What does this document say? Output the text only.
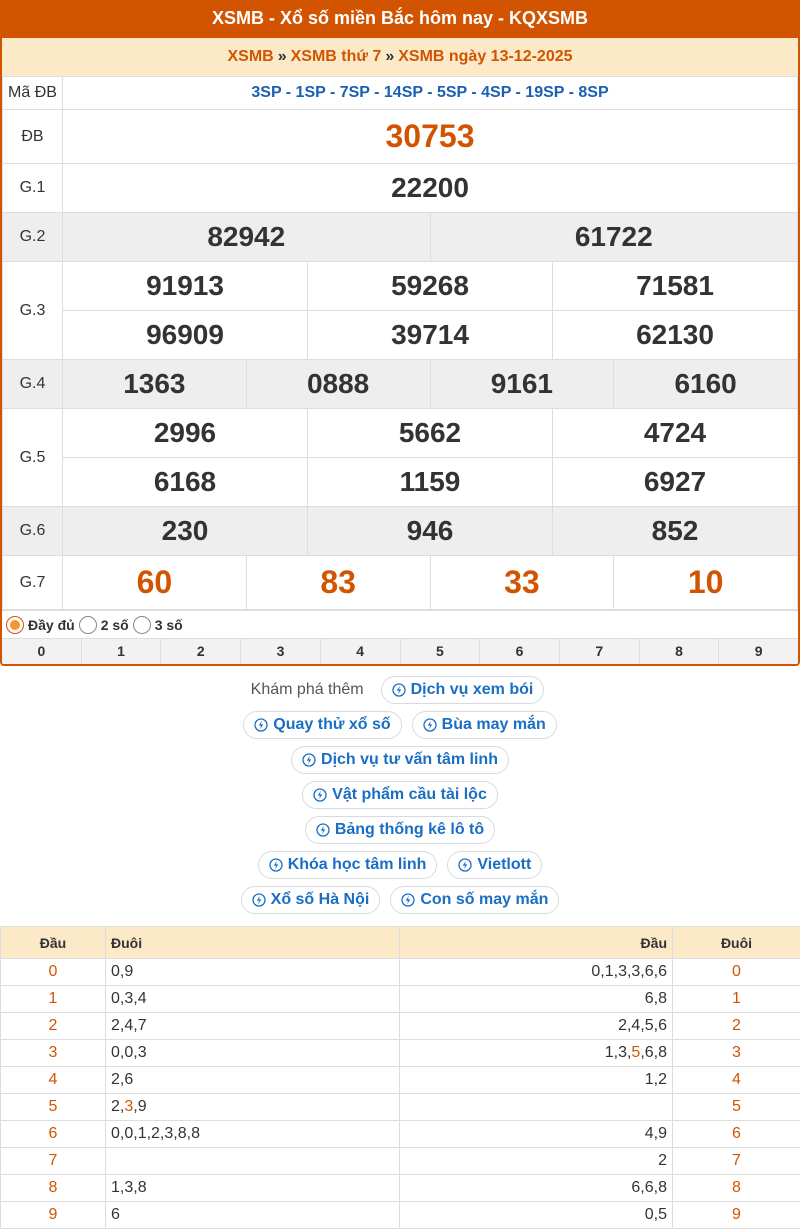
XSMB - Xổ số miền Bắc hôm nay - KQXSMB
XSMB » XSMB thứ 7 » XSMB ngày 13-12-2025
Mã ĐB	3SP - 1SP - 7SP - 14SP - 5SP - 4SP - 19SP - 8SP					
ĐB	30753					
G.1	22200					
G.2	82942			61722		
G.3	91913		59268		71581	
	96909		39714		62130	
G.4	1363	0888		9161		6160
G.5	2996		5662		4724	
	6168		1159		6927	
G.6	230		946		852	
G.7	60	83		33		10
Đầy đủ 2 số 3 số
0	1	2	3	4	5	6	7	8	9
Khám phá thêm	Dịch vụ xem bói
Quay thử xổ số	Bùa may mắn
Dịch vụ tư vấn tâm linh
Vật phẩm cầu tài lộc
Bảng thống kê lô tô
Khóa học tâm linh	Vietlott
Xổ số Hà Nội	Con số may mắn
Đầu	Đuôi	Đầu	Đuôi
0	0,9	0,1,3,3,6,6	0
1	0,3,4	6,8	1
2	2,4,7	2,4,5,6	2
3	0,0,3	1,3,5,6,8	3
4	2,6	1,2	4
5	2,3,9		5
6	0,0,1,2,3,8,8	4,9	6
7		2	7
8	1,3,8	6,6,8	8
9	6	0,5	9
